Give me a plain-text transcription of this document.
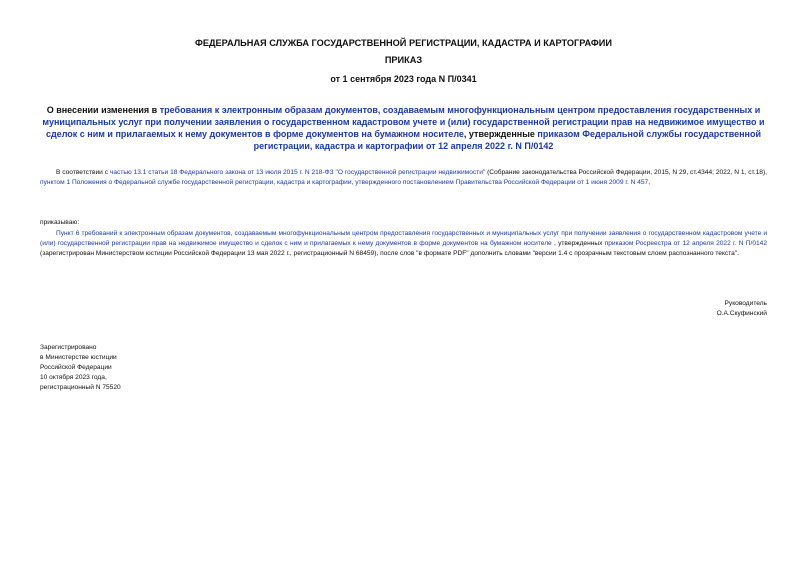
ФЕДЕРАЛЬНАЯ СЛУЖБА ГОСУДАРСТВЕННОЙ РЕГИСТРАЦИИ, КАДАСТРА И КАРТОГРАФИИ
ПРИКАЗ
от 1 сентября 2023 года N П/0341
О внесении изменения в требования к электронным образам документов, создаваемым многофункциональным центром предоставления государственных и муниципальных услуг при получении заявления о государственном кадастровом учете и (или) государственной регистрации прав на недвижимое имущество и сделок с ним и прилагаемых к нему документов в форме документов на бумажном носителе, утвержденные приказом Федеральной службы государственной регистрации, кадастра и картографии от 12 апреля 2022 г. N П/0142
В соответствии с частью 13.1 статьи 18 Федерального закона от 13 июля 2015 г. N 218-ФЗ "О государственной регистрации недвижимости" (Собрание законодательства Российской Федерации, 2015, N 29, ст.4344; 2022, N 1, ст.18), пунктом 1 Положения о Федеральной службе государственной регистрации, кадастра и картографии, утвержденного постановлением Правительства Российской Федерации от 1 июня 2009 г. N 457,
приказываю:
Пункт 6 требований к электронным образам документов, создаваемым многофункциональным центром предоставления государственных и муниципальных услуг при получении заявления о государственном кадастровом учете и (или) государственной регистрации прав на недвижимое имущество и сделок с ним и прилагаемых к нему документов в форме документов на бумажном носителе , утвержденных приказом Росреестра от 12 апреля 2022 г. N П/0142 (зарегистрирован Министерством юстиции Российской Федерации 13 мая 2022 г., регистрационный N 68459), после слов "в формате PDF" дополнить словами "версии 1.4 с прозрачным текстовым слоем распознанного текста".
Руководитель
О.А.Скуфинский
Зарегистрировано
в Министерстве юстиции
Российской Федерации
10 октября 2023 года,
регистрационный N 75520
